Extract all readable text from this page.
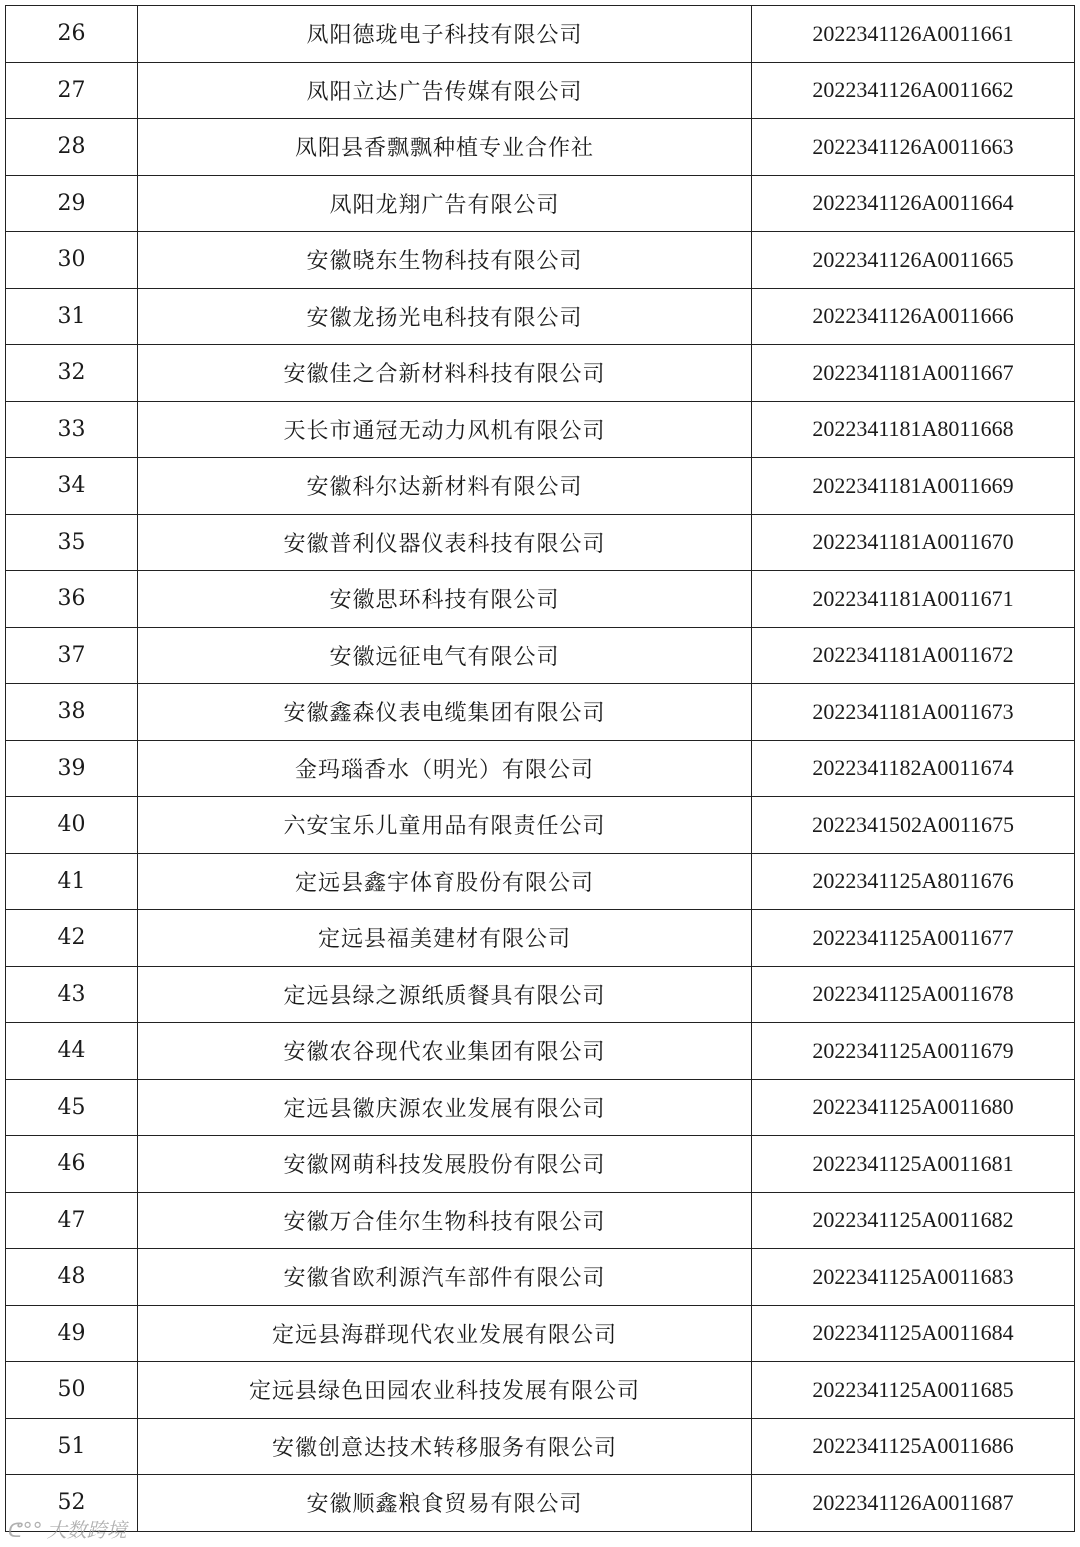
26	凤阳德珑电子科技有限公司	2022341126A0011661
27	凤阳立达广告传媒有限公司	2022341126A0011662
28	凤阳县香飘飘种植专业合作社	2022341126A0011663
29	凤阳龙翔广告有限公司	2022341126A0011664
30	安徽晓东生物科技有限公司	2022341126A0011665
31	安徽龙扬光电科技有限公司	2022341126A0011666
32	安徽佳之合新材料科技有限公司	2022341181A0011667
33	天长市通冠无动力风机有限公司	2022341181A8011668
34	安徽科尔达新材料有限公司	2022341181A0011669
35	安徽普利仪器仪表科技有限公司	2022341181A0011670
36	安徽思环科技有限公司	2022341181A0011671
37	安徽远征电气有限公司	2022341181A0011672
38	安徽鑫森仪表电缆集团有限公司	2022341181A0011673
39	金玛瑙香水（明光）有限公司	2022341182A0011674
40	六安宝乐儿童用品有限责任公司	2022341502A0011675
41	定远县鑫宇体育股份有限公司	2022341125A8011676
42	定远县福美建材有限公司	2022341125A0011677
43	定远县绿之源纸质餐具有限公司	2022341125A0011678
44	安徽农谷现代农业集团有限公司	2022341125A0011679
45	定远县徽庆源农业发展有限公司	2022341125A0011680
46	安徽网萌科技发展股份有限公司	2022341125A0011681
47	安徽万合佳尔生物科技有限公司	2022341125A0011682
48	安徽省欧利源汽车部件有限公司	2022341125A0011683
49	定远县海群现代农业发展有限公司	2022341125A0011684
50	定远县绿色田园农业科技发展有限公司	2022341125A0011685
51	安徽创意达技术转移服务有限公司	2022341125A0011686
52	安徽顺鑫粮食贸易有限公司	2022341126A0011687
ᕦ°° 大数跨境
